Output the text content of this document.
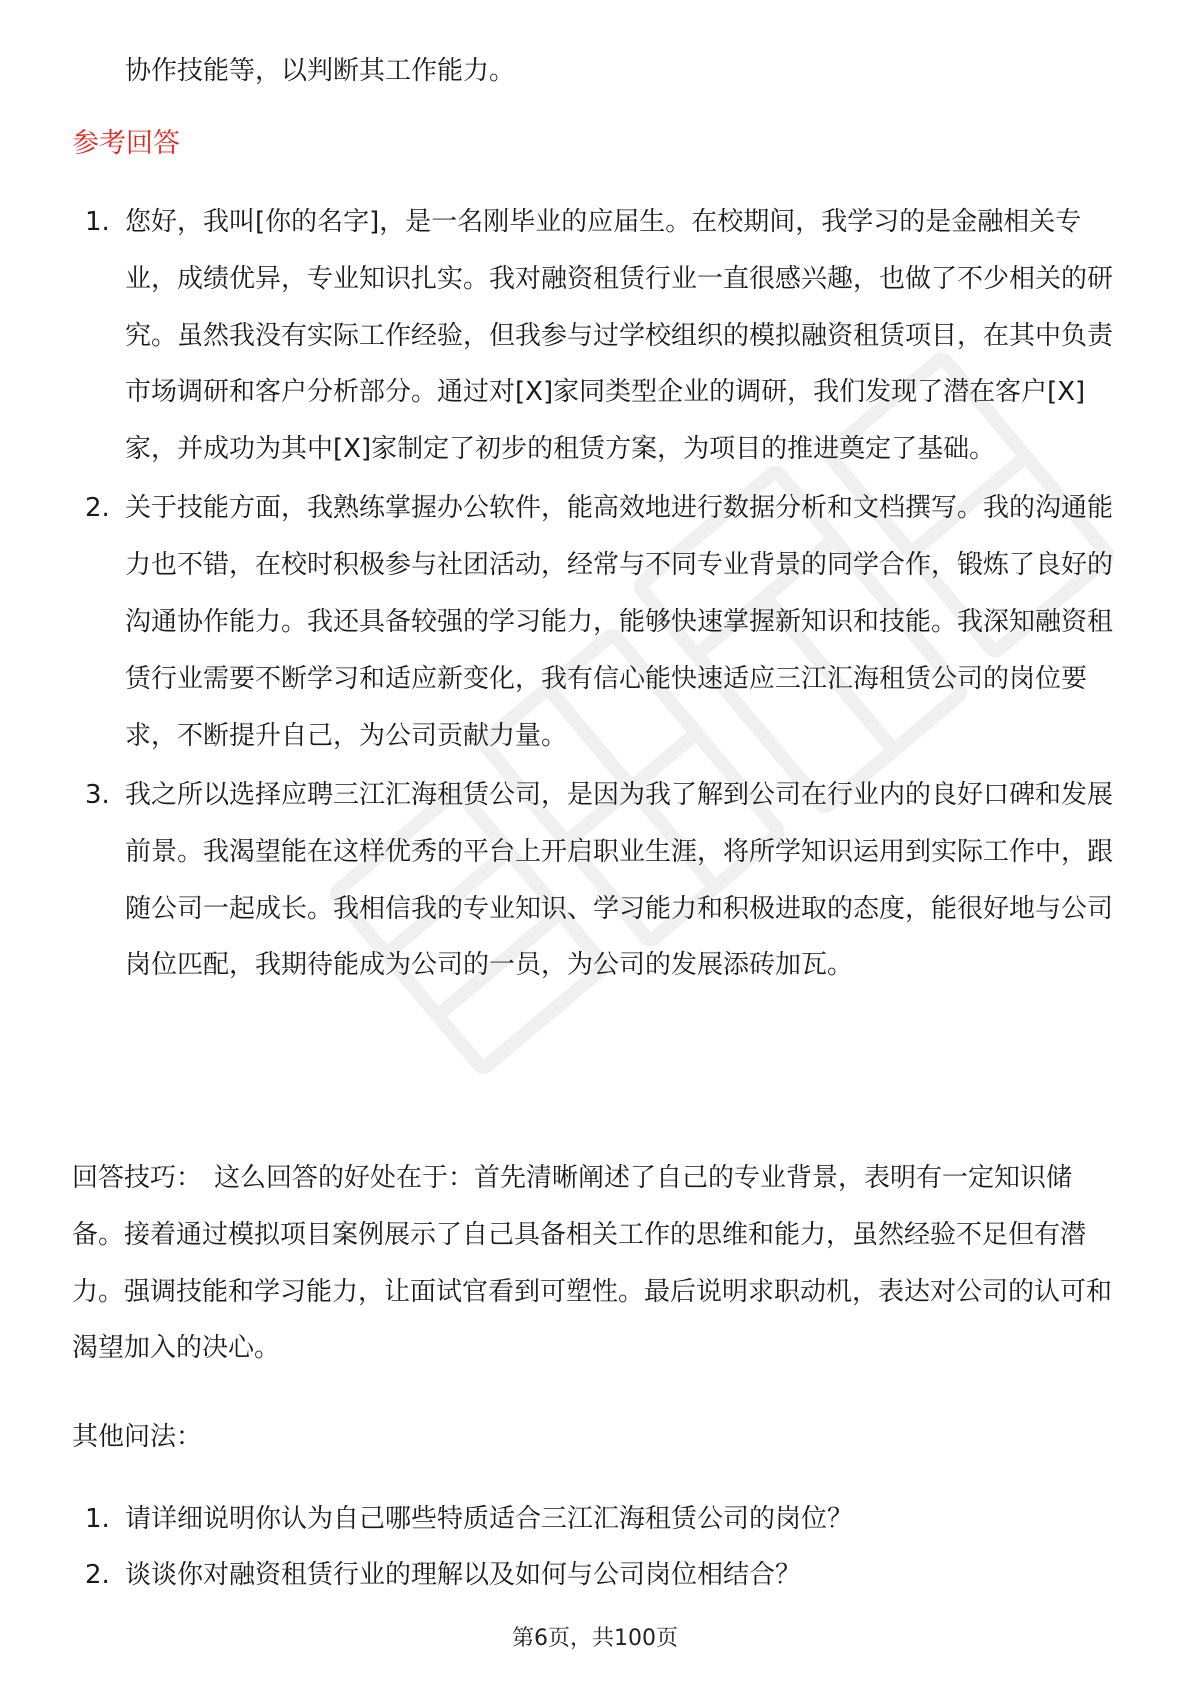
协作技能等，以判断其工作能力。
参考回答
1. 您好，我叫[你的名字]，是一名刚毕业的应届生。在校期间，我学习的是金融相关专业，成绩优异，专业知识扎实。我对融资租赁行业一直很感兴趣，也做了不少相关的研究。虽然我没有实际工作经验，但我参与过学校组织的模拟融资租赁项目，在其中负责市场调研和客户分析部分。通过对[X]家同类型企业的调研，我们发现了潜在客户[X]家，并成功为其中[X]家制定了初步的租赁方案，为项目的推进奠定了基础。
2. 关于技能方面，我熟练掌握办公软件，能高效地进行数据分析和文档撰写。我的沟通能力也不错，在校时积极参与社团活动，经常与不同专业背景的同学合作，锻炼了良好的沟通协作能力。我还具备较强的学习能力，能够快速掌握新知识和技能。我深知融资租赁行业需要不断学习和适应新变化，我有信心能快速适应三江汇海租赁公司的岗位要求，不断提升自己，为公司贡献力量。
3. 我之所以选择应聘三江汇海租赁公司，是因为我了解到公司在行业内的良好口碑和发展前景。我渴望能在这样优秀的平台上开启职业生涯，将所学知识运用到实际工作中，跟随公司一起成长。我相信我的专业知识、学习能力和积极进取的态度，能很好地与公司岗位匹配，我期待能成为公司的一员，为公司的发展添砖加瓦。
回答技巧： 这么回答的好处在于：首先清晰阐述了自己的专业背景，表明有一定知识储备。接着通过模拟项目案例展示了自己具备相关工作的思维和能力，虽然经验不足但有潜力。强调技能和学习能力，让面试官看到可塑性。最后说明求职动机，表达对公司的认可和渴望加入的决心。
其他问法：
1. 请详细说明你认为自己哪些特质适合三江汇海租赁公司的岗位？
2. 谈谈你对融资租赁行业的理解以及如何与公司岗位相结合？
第6页，共100页
